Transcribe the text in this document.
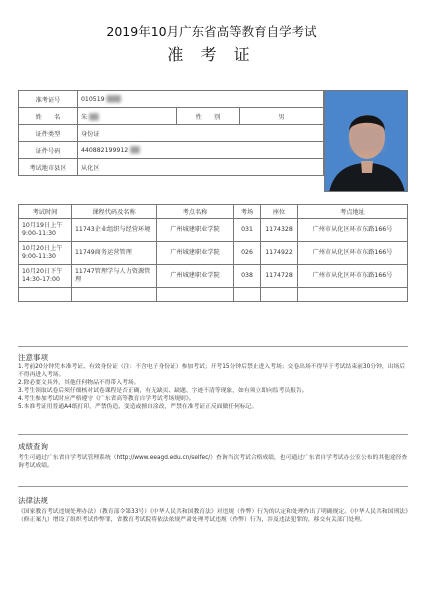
2019年10月广东省高等教育自学考试
准 考 证
准考证号	010519 ▓▓▓		
姓　　名	朱 ▓▓	性　　别	男
证件类型	身份证		
证件号码	440882199912 ▓▓		
考试地市县区	从化区		
考试时间	课程代码及名称	考点名称	考场	座位	考点地址
10月19日上午 9:00-11:30	11743企业组织与经营环境	广州城建职业学院	031	1174328	广州市从化区环市东路166号
10月20日上午 9:00-11:30	11749商务运营管理	广州城建职业学院	026	1174922	广州市从化区环市东路166号
10月20日下午 14:30-17:00	11747管理学与人力资源管理	广州城建职业学院	038	1174728	广州市从化区环市东路166号

注意事项
1.考前20分钟凭本准考证、有效身份证（注：不含电子身份证）参加考试；开考15分钟后禁止进入考场；交卷出场不得早于考试结束前30分钟，出场后不得再进入考场。
2.除必要文具外，其他任何物品不得带入考场。
3.考生领取试卷后须仔细核对试卷课程是否正确，有无缺页、缺题、字迹不清等现象，如有须立即向监考员报告。
4.考生参加考试时应严格遵守《广东省高等教育自学考试考场规则》。
5.本准考证用普通A4纸打印，严禁伪造、变造或擅自涂改，严禁在准考证正反面做任何标记。
成绩查询
考生可通过广东省自学考试管理系统（http://www.eeagd.edu.cn/selfec/）查询当次考试合格成绩，也可通过广东省自学考试办公室公布的其他途径查询考试成绩。
法律法规
《国家教育考试违规处理办法》（教育部令第33号）《中华人民共和国教育法》对违规（作弊）行为的认定和处理作出了明确规定。《中华人民共和国刑法》（修正案九）增设了组织考试作弊罪，省教育考试院将依法依规严肃处理考试违规（作弊）行为，涉及违法犯罪的，移交有关部门处理。
